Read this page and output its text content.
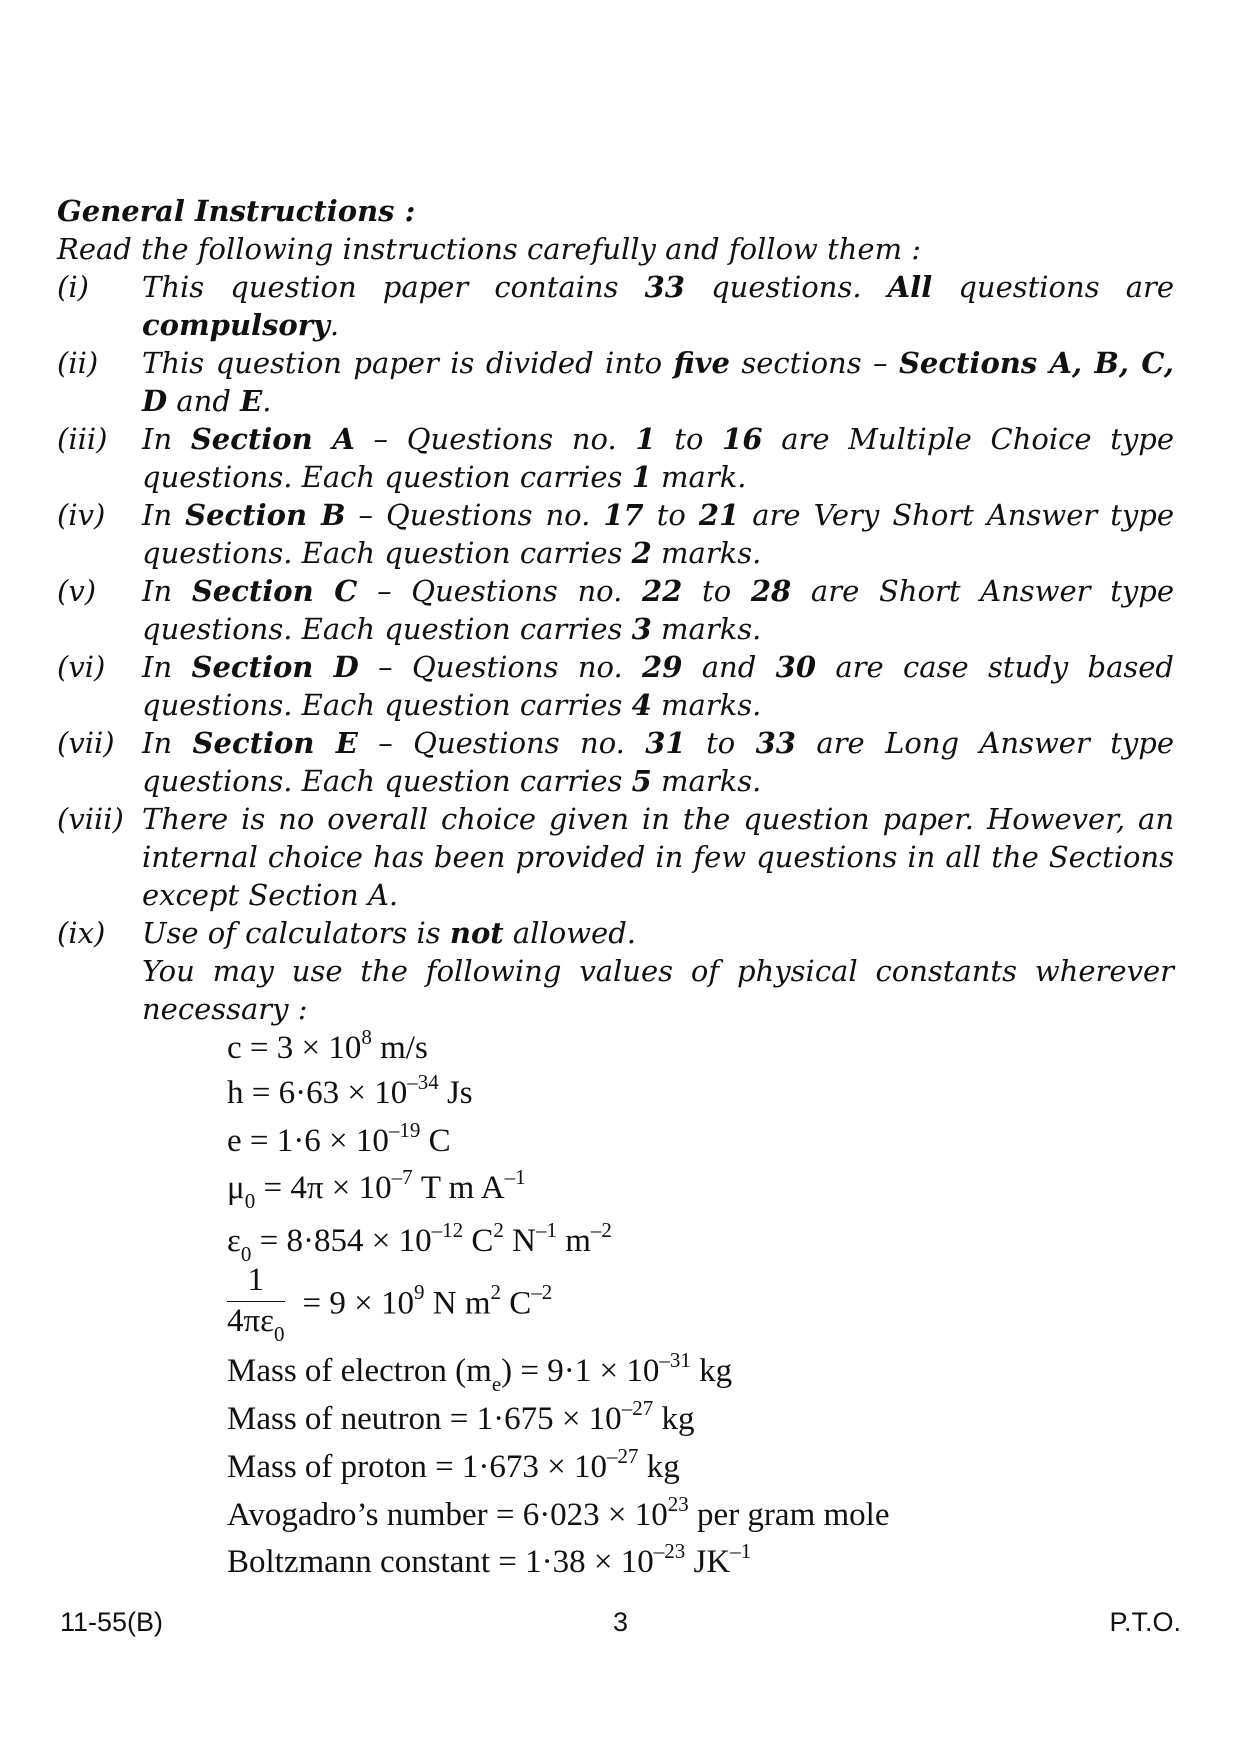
General Instructions :
Read the following instructions carefully and follow them :
(i)	This question paper contains 33 questions. All questions are compulsory.
(ii)	This question paper is divided into five sections – Sections A, B, C, D and E.
(iii)	In Section A – Questions no. 1 to 16 are Multiple Choice type questions. Each question carries 1 mark.
(iv)	In Section B – Questions no. 17 to 21 are Very Short Answer type questions. Each question carries 2 marks.
(v)	In Section C – Questions no. 22 to 28 are Short Answer type questions. Each question carries 3 marks.
(vi)	In Section D – Questions no. 29 and 30 are case study based questions. Each question carries 4 marks.
(vii) In Section E – Questions no. 31 to 33 are Long Answer type questions. Each question carries 5 marks.
(viii) There is no overall choice given in the question paper. However, an internal choice has been provided in few questions in all the Sections except Section A.
(ix)	Use of calculators is not allowed.
You may use the following values of physical constants wherever necessary :
$c = 3 \times 10^8$ m/s
$h = 6\cdot 63 \times 10^{-34}$ Js
$e = 1\cdot 6 \times 10^{-19}$ C
$\mu_0 = 4\pi \times 10^{-7}$ T m $A^{-1}$
$\varepsilon_0 = 8\cdot 854 \times 10^{-12}$ $C^2$ $N^{-1}$ $m^{-2}$
$\frac{1}{4\pi\varepsilon_0} = 9 \times 10^9$ N $m^2$ $C^{-2}$
Mass of electron $(m_e) = 9\cdot 1 \times 10^{-31}$ kg
Mass of neutron = $1\cdot 675 \times 10^{-27}$ kg
Mass of proton = $1\cdot 673 \times 10^{-27}$ kg
Avogadro’s number = $6\cdot 023 \times 10^{23}$ per gram mole
Boltzmann constant = $1\cdot 38 \times 10^{-23}$ $JK^{-1}$
11-55(B)	3	P.T.O.
